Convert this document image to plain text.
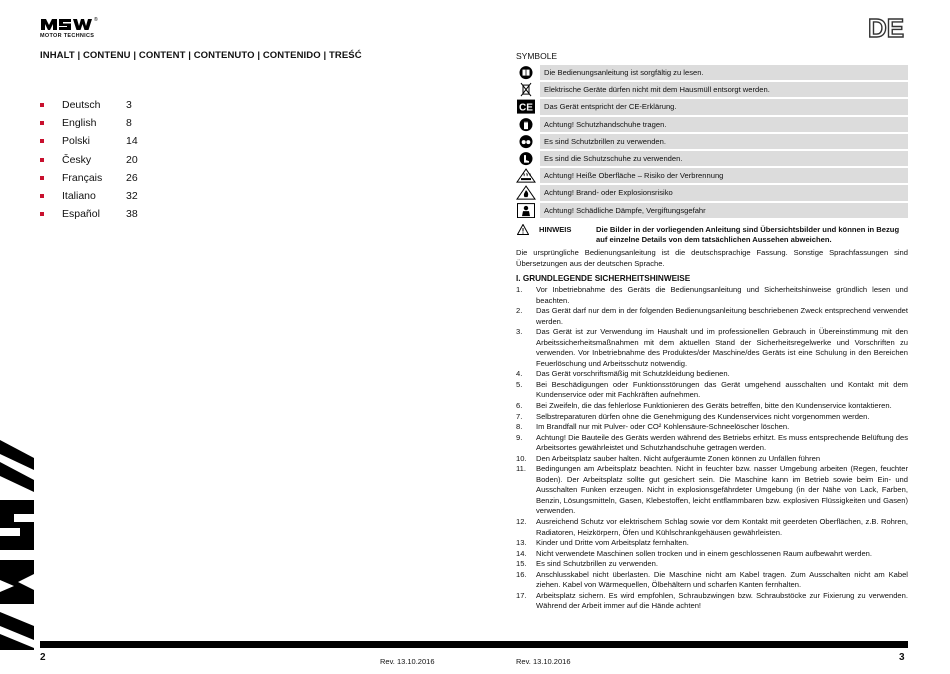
®
MOTOR TECHNICS
INHALT | CONTENU | CONTENT | CONTENUTO | CONTENIDO | TREŚĆ
Deutsch 3
English	8
Polski	14
Česky	20
Français 26
Italiano	32
Español 38
DE
SYMBOLE
Die Bedienungsanleitung ist sorgfältig zu lesen.
Elektrische Geräte dürfen nicht mit dem Hausmüll entsorgt werden.
CE	Das Gerät entspricht der CE-Erklärung.
Achtung! Schutzhandschuhe tragen.
Es sind Schutzbrillen zu verwenden.
Es sind die Schutzschuhe zu verwenden.
Achtung! Heiße Oberfläche – Risiko der Verbrennung
Achtung! Brand- oder Explosionsrisiko
Achtung! Schädliche Dämpfe, Vergiftungsgefahr
HINWEIS	Die Bilder in der vorliegenden Anleitung sind Übersichtsbilder und können in Bezug auf einzelne Details von dem tatsächlichen Aussehen abweichen.
Die ursprüngliche Bedienungsanleitung ist die deutschsprachige Fassung. Sonstige Sprachfassungen sind Übersetzungen aus der deutschen Sprache.
I. GRUNDLEGENDE SICHERHEITSHINWEISE
1. Vor Inbetriebnahme des Geräts die Bedienungsanleitung und Sicherheitshinweise gründlich lesen und beachten.
2. Das Gerät darf nur dem in der folgenden Bedienungsanleitung beschriebenen Zweck entsprechend verwendet werden.
3. Das Gerät ist zur Verwendung im Haushalt und im professionellen Gebrauch in Übereinstimmung mit den Arbeitssicherheitsmaßnahmen mit dem aktuellen Stand der Sicherheitsregelwerke und Vorschriften zu verwenden. Vor Inbetriebnahme des Produktes/der Maschine/des Geräts ist eine Schulung in den Bereichen Feuerlöschung und Arbeitsschutz notwendig.
4. Das Gerät vorschriftsmäßig mit Schutzkleidung bedienen.
5. Bei Beschädigungen oder Funktionsstörungen das Gerät umgehend ausschalten und Kontakt mit dem Kundenservice oder mit Fachkräften aufnehmen.
6. Bei Zweifeln, die das fehlerlose Funktionieren des Geräts betreffen, bitte den Kundenservice kontaktieren.
7. Selbstreparaturen dürfen ohne die Genehmigung des Kundenservices nicht vorgenommen werden.
8. Im Brandfall nur mit Pulver- oder CO² Kohlensäure-Schneelöscher löschen.
9. Achtung! Die Bauteile des Geräts werden während des Betriebs erhitzt. Es muss entsprechende Belüftung des Arbeitsortes gewährleistet und Schutzhandschuhe getragen werden.
10. Den Arbeitsplatz sauber halten. Nicht aufgeräumte Zonen können zu Unfällen führen
11. Bedingungen am Arbeitsplatz beachten. Nicht in feuchter bzw. nasser Umgebung arbeiten (Regen, feuchter Boden). Der Arbeitsplatz sollte gut gesichert sein. Die Maschine kann im Betrieb sowie beim Ein- und Ausschalten Funken erzeugen. Nicht in explosionsgefährdeter Umgebung (in der Nähe von Lack, Farben, Benzin, Lösungsmitteln, Gasen, Klebestoffen, leicht entflammbaren bzw. explosiven Flüssigkeiten und Gasen) verwenden.
12. Ausreichend Schutz vor elektrischem Schlag sowie vor dem Kontakt mit geerdeten Oberflächen, z.B. Rohren, Radiatoren, Heizkörpern, Öfen und Kühlschrankgehäusen gewährleisten.
13. Kinder und Dritte vom Arbeitsplatz fernhalten.
14. Nicht verwendete Maschinen sollen trocken und in einem geschlossenen Raum aufbewahrt werden.
15. Es sind Schutzbrillen zu verwenden.
16. Anschlusskabel nicht überlasten. Die Maschine nicht am Kabel tragen. Zum Ausschalten nicht am Kabel ziehen. Kabel von Wärmequellen, Ölbehältern und scharfen Kanten fernhalten.
17. Arbeitsplatz sichern. Es wird empfohlen, Schraubzwingen bzw. Schraubstöcke zur Fixierung zu verwenden. Während der Arbeit immer auf die Hände achten!
2	3
Rev. 13.10.2016	Rev. 13.10.2016
